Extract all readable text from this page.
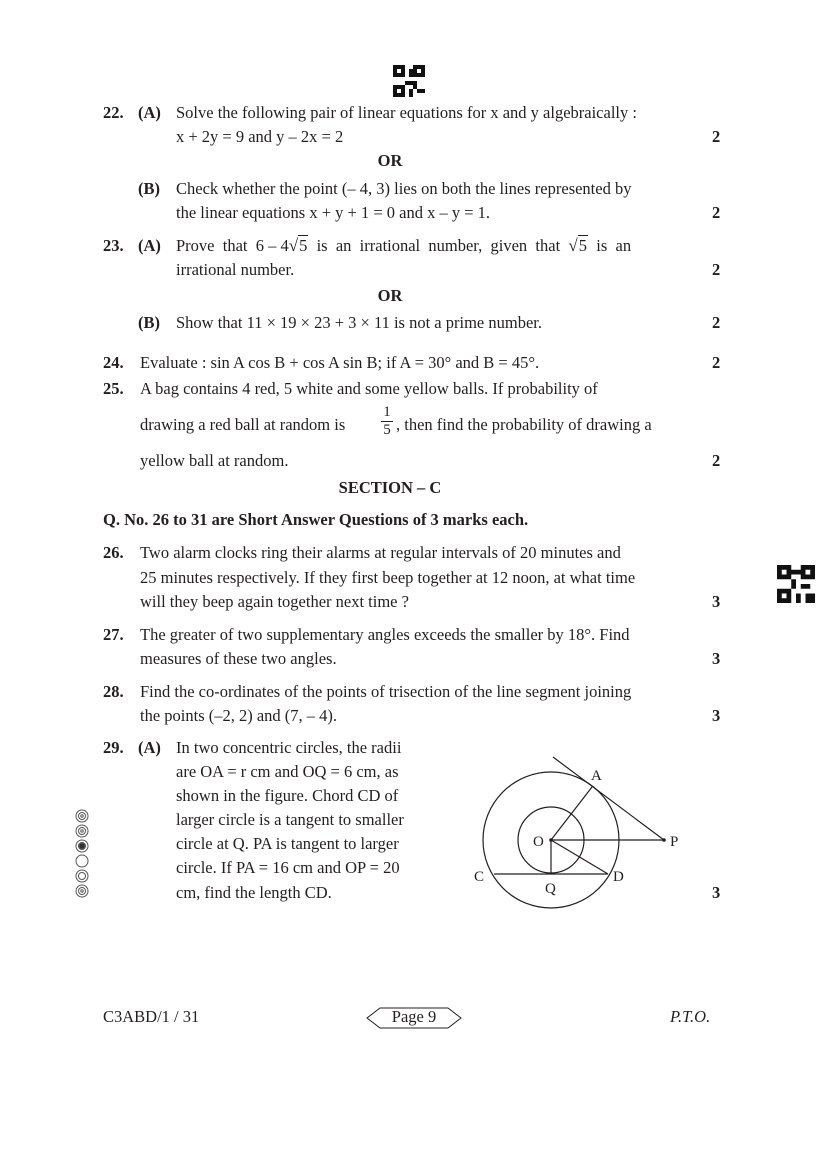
22. (A) Solve the following pair of linear equations for x and y algebraically :
x + 2y = 9 and y – 2x = 2	2
OR
(B) Check whether the point (– 4, 3) lies on both the lines represented by
the linear equations x + y + 1 = 0 and x – y = 1.	2
23. (A) Prove  that  6 – 4√5  is  an  irrational  number,  given  that  √5  is  an
irrational number.	2
OR
(B) Show that 11 × 19 × 23 + 3 × 11 is not a prime number.	2
24. Evaluate : sin A cos B + cos A sin B; if A = 30° and B = 45°.	2
25. A bag contains 4 red, 5 white and some yellow balls. If probability of
drawing a red ball at random is $\frac{1}{5}$ , then find the probability of drawing a
yellow ball at random.	2
SECTION – C
Q. No. 26 to 31 are Short Answer Questions of 3 marks each.
26. Two alarm clocks ring their alarms at regular intervals of 20 minutes and
25 minutes respectively. If they first beep together at 12 noon, at what time
will they beep again together next time ?	3
27. The greater of two supplementary angles exceeds the smaller by 18°. Find
measures of these two angles.	3
28. Find the co-ordinates of the points of trisection of the line segment joining
the points (–2, 2) and (7, – 4).	3
29. (A) In two concentric circles, the radii
are OA = r cm and OQ = 6 cm, as
shown in the figure. Chord CD of
larger circle is a tangent to smaller
circle at Q. PA is tangent to larger
circle. If PA = 16 cm and OP = 20
cm, find the length CD.	3
A
O	P
C
Q
D
C3ABD/1 / 31	Page 9	P.T.O.
